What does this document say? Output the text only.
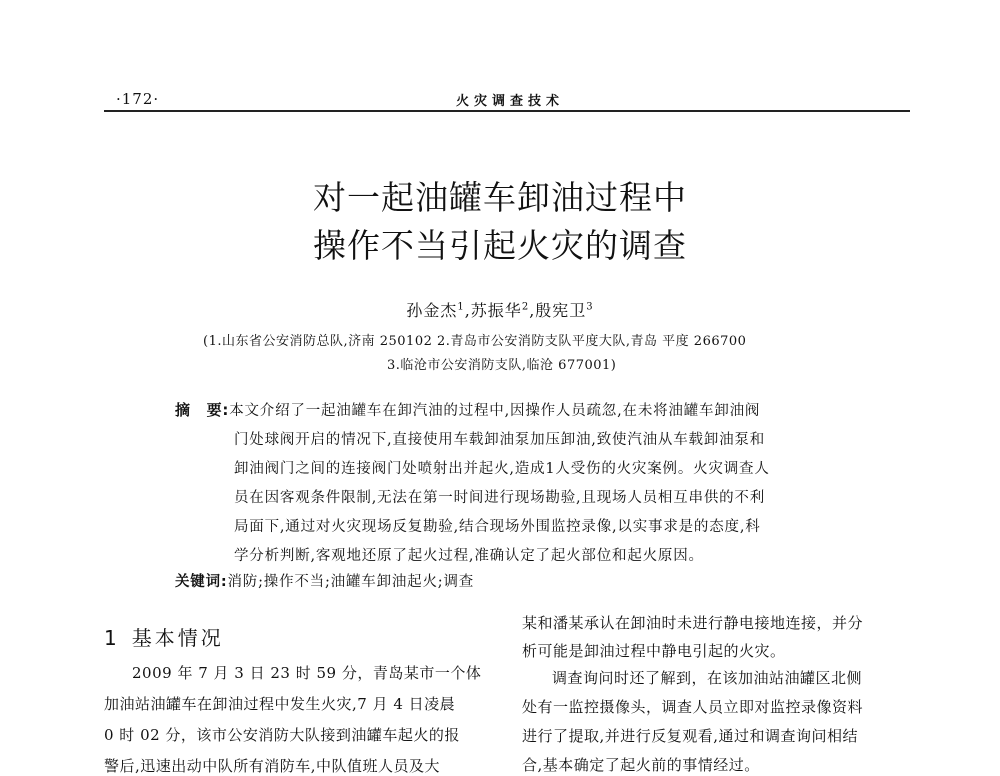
·172·	火灾调查技术
对一起油罐车卸油过程中
操作不当引起火灾的调查
孙金杰$^1$,苏振华$^2$,殷宪卫$^3$
(1.山东省公安消防总队,济南 250102 2.青岛市公安消防支队平度大队,青岛 平度 266700
3.临沧市公安消防支队,临沧 677001)
摘　要:本文介绍了一起油罐车在卸汽油的过程中,因操作人员疏忽,在未将油罐车卸油阀
门处球阀开启的情况下,直接使用车载卸油泵加压卸油,致使汽油从车载卸油泵和
卸油阀门之间的连接阀门处喷射出并起火,造成1人受伤的火灾案例。火灾调查人
员在因客观条件限制,无法在第一时间进行现场勘验,且现场人员相互串供的不利
局面下,通过对火灾现场反复勘验,结合现场外围监控录像,以实事求是的态度,科
学分析判断,客观地还原了起火过程,准确认定了起火部位和起火原因。
关键词:消防;操作不当;油罐车卸油起火;调查
1 基本情况
2009 年 7 月 3 日 23 时 59 分，青岛某市一个体
加油站油罐车在卸油过程中发生火灾,7 月 4 日凌晨
0 时 02 分，该市公安消防大队接到油罐车起火的报
警后,迅速出动中队所有消防车,中队值班人员及大
某和潘某承认在卸油时未进行静电接地连接，并分
析可能是卸油过程中静电引起的火灾。
调查询问时还了解到，在该加油站油罐区北侧
处有一监控摄像头，调查人员立即对监控录像资料
进行了提取,并进行反复观看,通过和调查询问相结
合,基本确定了起火前的事情经过。
